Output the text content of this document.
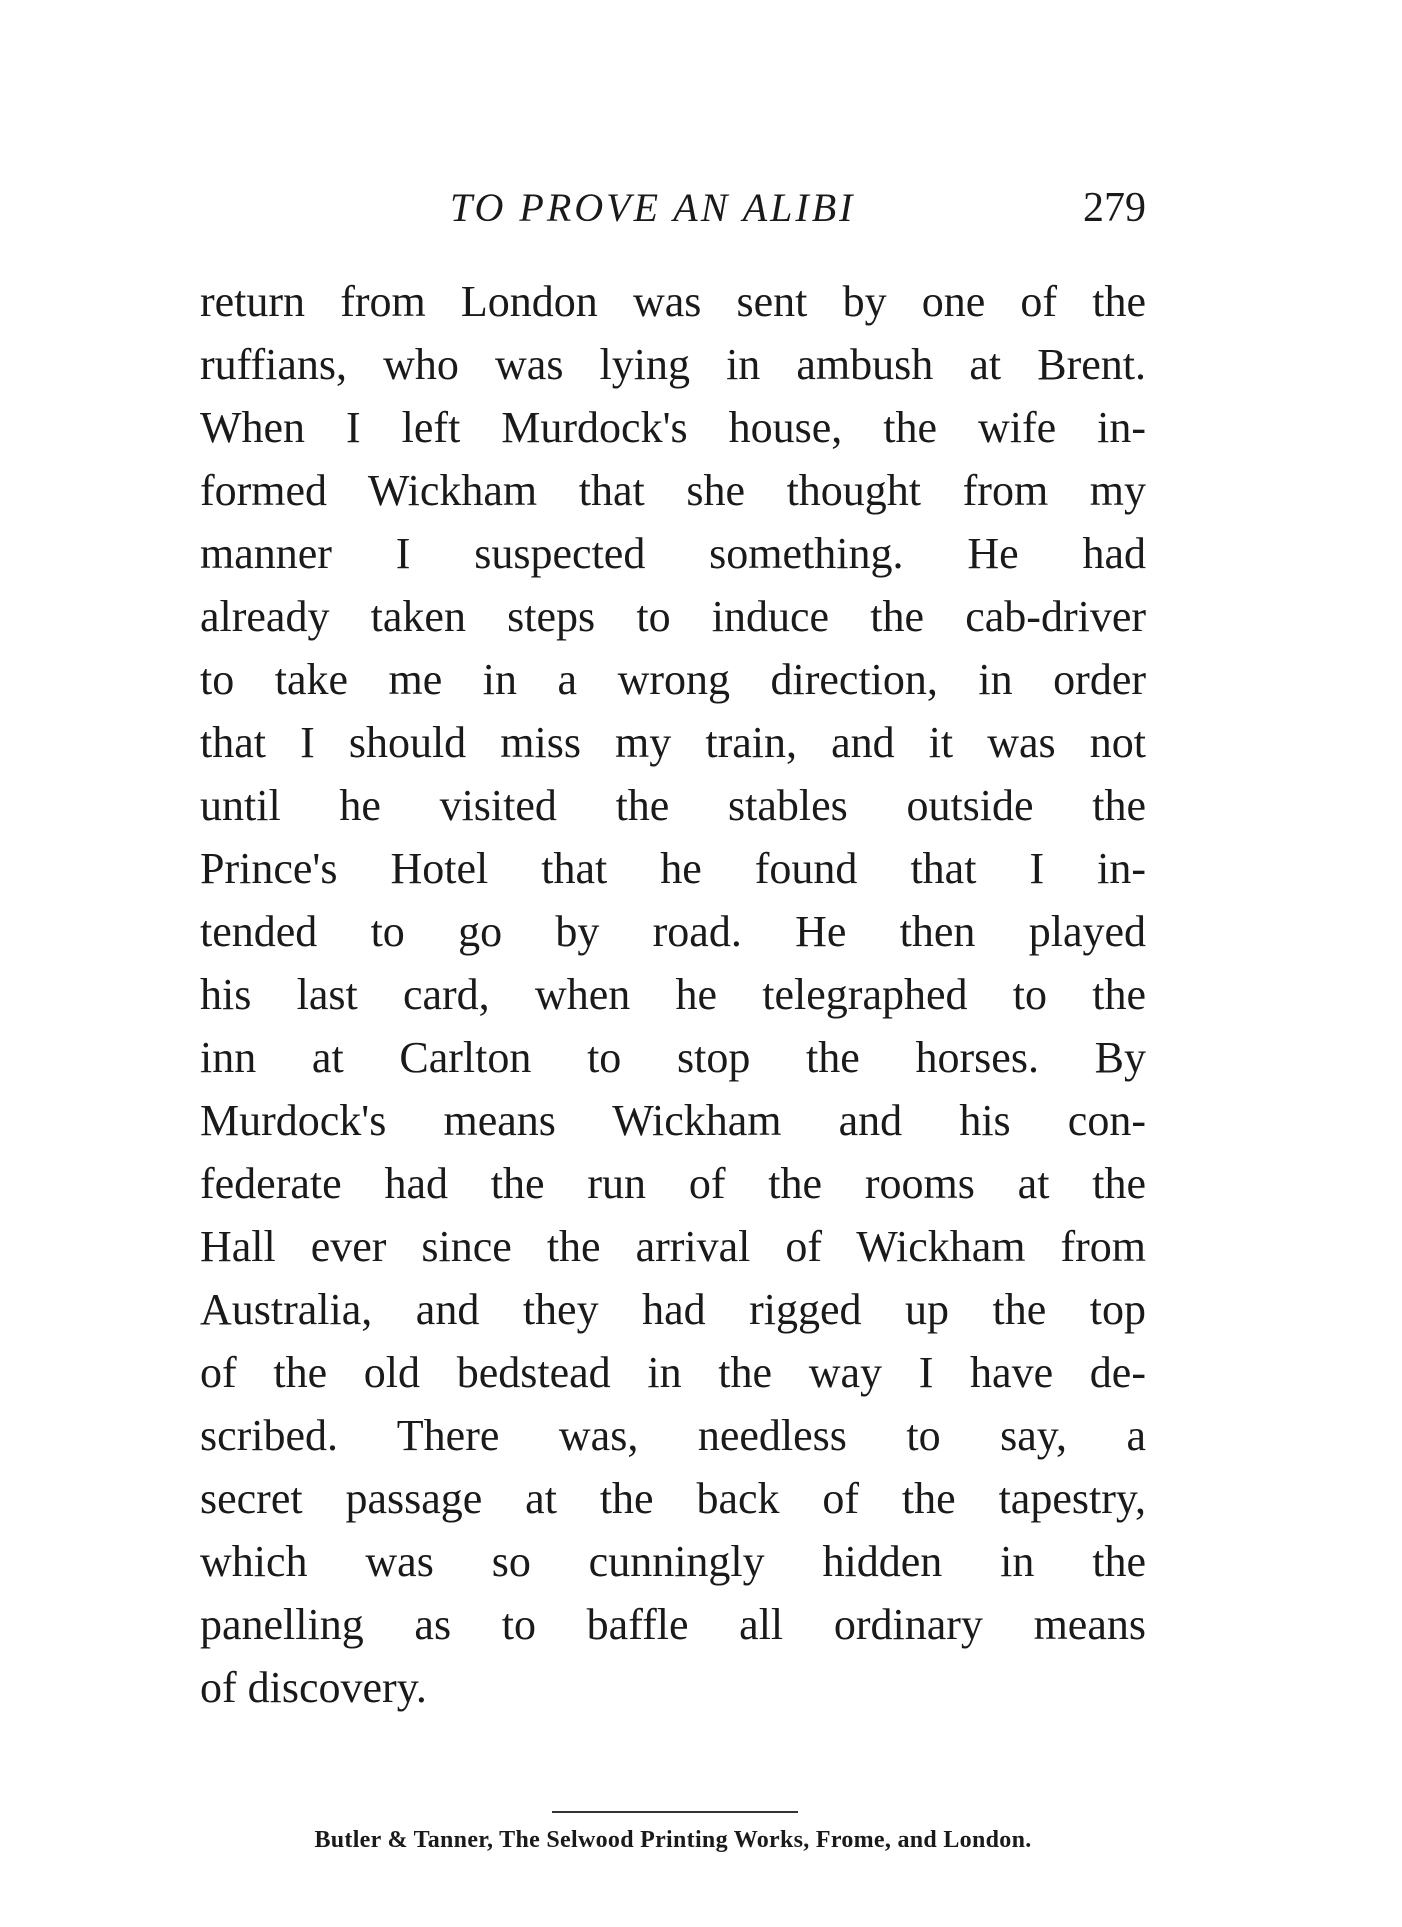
TO PROVE AN ALIBI	279
return from London was sent by one of the
ruffians, who was lying in ambush at Brent.
When I left Murdock's house, the wife in-
formed Wickham that she thought from my
manner I suspected something. He had
already taken steps to induce the cab-driver
to take me in a wrong direction, in order
that I should miss my train, and it was not
until he visited the stables outside the
Prince's Hotel that he found that I in-
tended to go by road. He then played
his last card, when he telegraphed to the
inn at Carlton to stop the horses. By
Murdock's means Wickham and his con-
federate had the run of the rooms at the
Hall ever since the arrival of Wickham from
Australia, and they had rigged up the top
of the old bedstead in the way I have de-
scribed. There was, needless to say, a
secret passage at the back of the tapestry,
which was so cunningly hidden in the
panelling as to baffle all ordinary means
of discovery.
Butler & Tanner, The Selwood Printing Works, Frome, and London.
